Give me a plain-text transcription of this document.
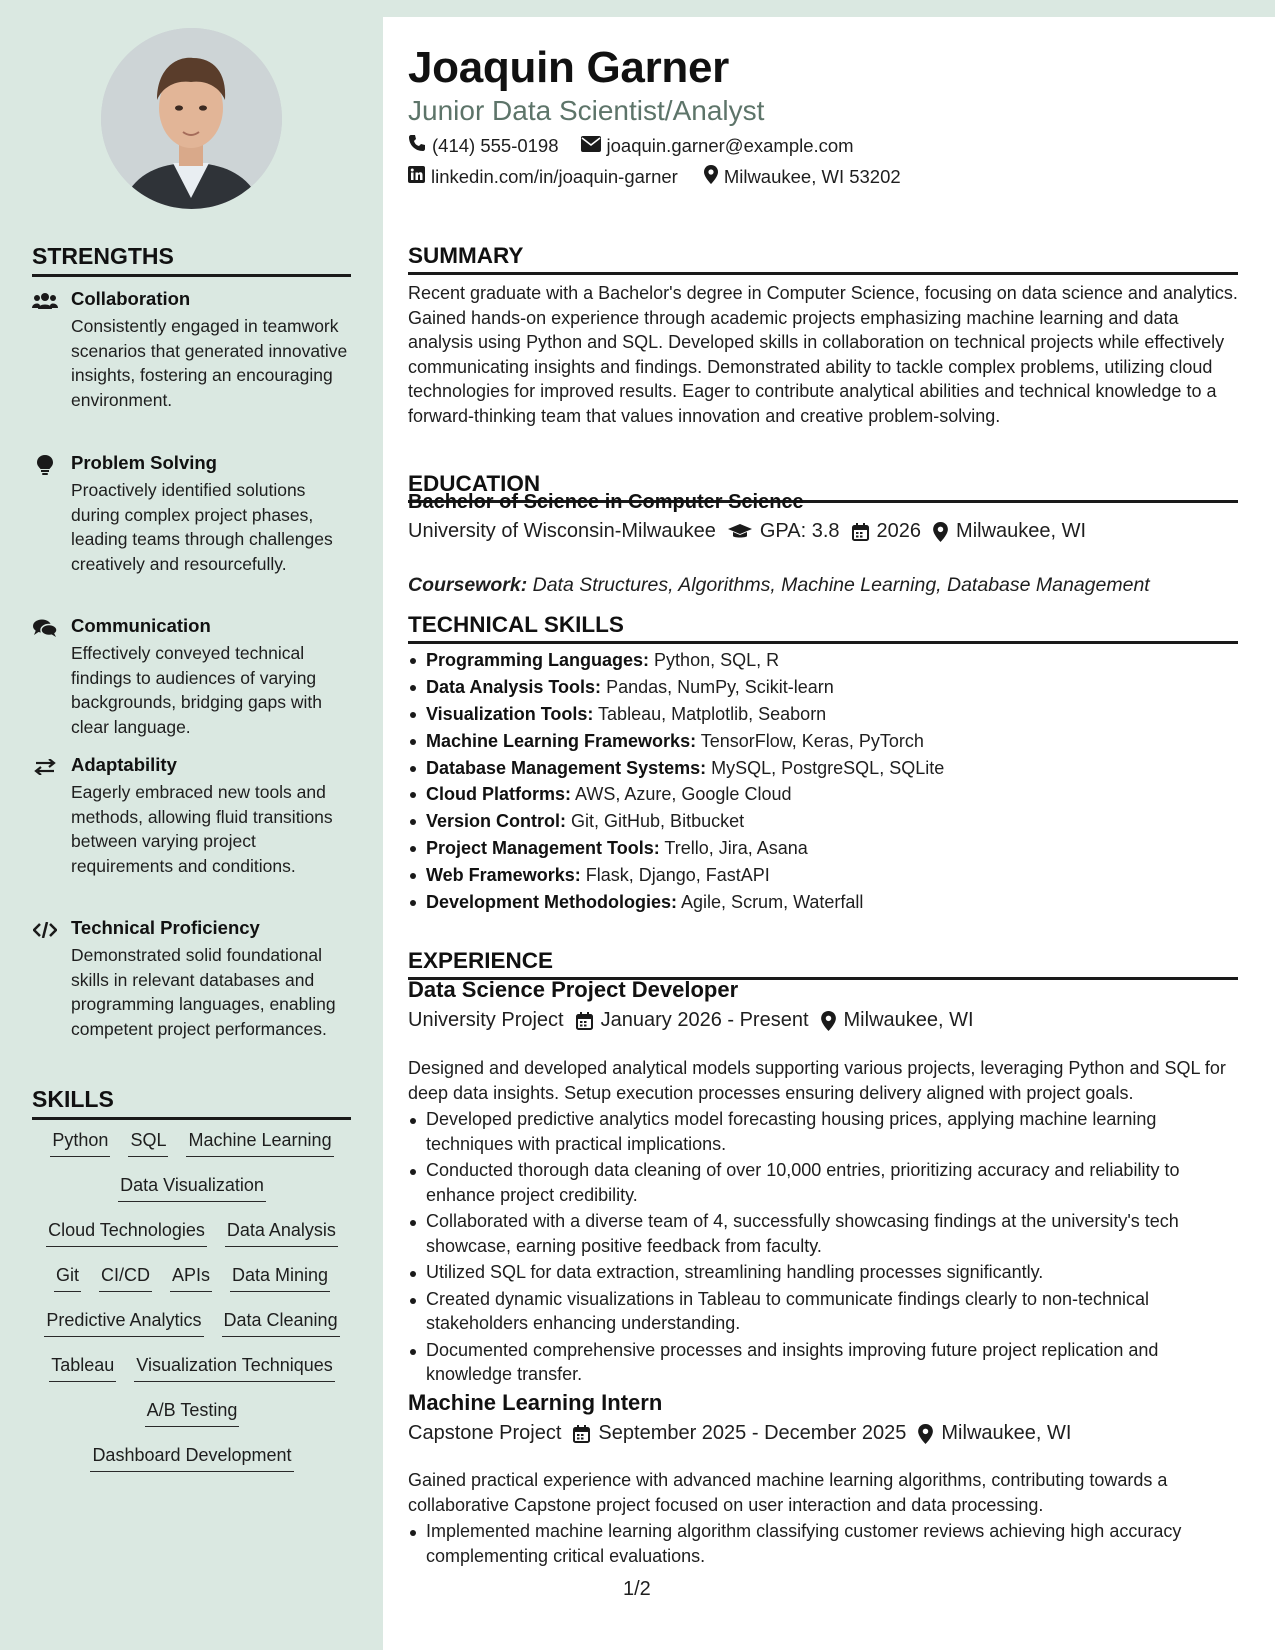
STRENGTHS
Collaboration
Consistently engaged in teamwork scenarios that generated innovative insights, fostering an encouraging environment.
Problem Solving
Proactively identified solutions during complex project phases, leading teams through challenges creatively and resourcefully.
Communication
Effectively conveyed technical findings to audiences of varying backgrounds, bridging gaps with clear language.
Adaptability
Eagerly embraced new tools and methods, allowing fluid transitions between varying project requirements and conditions.
Technical Proficiency
Demonstrated solid foundational skills in relevant databases and programming languages, enabling competent project performances.
SKILLS
Python SQL Machine Learning
Data Visualization
Cloud Technologies Data Analysis
Git CI/CD APIs Data Mining
Predictive Analytics Data Cleaning
Tableau Visualization Techniques
A/B Testing
Dashboard Development
Joaquin Garner
Junior Data Scientist/Analyst
(414) 555-0198	joaquin.garner@example.com
linkedin.com/in/joaquin-garner Milwaukee, WI 53202
SUMMARY
Recent graduate with a Bachelor's degree in Computer Science, focusing on data science and analytics. Gained hands-on experience through academic projects emphasizing machine learning and data analysis using Python and SQL. Developed skills in collaboration on technical projects while effectively communicating insights and findings. Demonstrated ability to tackle complex problems, utilizing cloud technologies for improved results. Eager to contribute analytical abilities and technical knowledge to a forward-thinking team that values innovation and creative problem-solving.
EDUCATION
Bachelor of Science in Computer Science
University of Wisconsin-Milwaukee GPA: 3.8 2026 Milwaukee, WI
Coursework: Data Structures, Algorithms, Machine Learning, Database Management
TECHNICAL SKILLS
Programming Languages: Python, SQL, R
Data Analysis Tools: Pandas, NumPy, Scikit-learn
Visualization Tools: Tableau, Matplotlib, Seaborn
Machine Learning Frameworks: TensorFlow, Keras, PyTorch
Database Management Systems: MySQL, PostgreSQL, SQLite
Cloud Platforms: AWS, Azure, Google Cloud
Version Control: Git, GitHub, Bitbucket
Project Management Tools: Trello, Jira, Asana
Web Frameworks: Flask, Django, FastAPI
Development Methodologies: Agile, Scrum, Waterfall
EXPERIENCE
Data Science Project Developer
University Project January 2026 - Present Milwaukee, WI
Designed and developed analytical models supporting various projects, leveraging Python and SQL for deep data insights. Setup execution processes ensuring delivery aligned with project goals.
Developed predictive analytics model forecasting housing prices, applying machine learning techniques with practical implications.
Conducted thorough data cleaning of over 10,000 entries, prioritizing accuracy and reliability to enhance project credibility.
Collaborated with a diverse team of 4, successfully showcasing findings at the university's tech showcase, earning positive feedback from faculty.
Utilized SQL for data extraction, streamlining handling processes significantly.
Created dynamic visualizations in Tableau to communicate findings clearly to non-technical stakeholders enhancing understanding.
Documented comprehensive processes and insights improving future project replication and knowledge transfer.
Machine Learning Intern
Capstone Project September 2025 - December 2025 Milwaukee, WI
Gained practical experience with advanced machine learning algorithms, contributing towards a collaborative Capstone project focused on user interaction and data processing.
Implemented machine learning algorithm classifying customer reviews achieving high accuracy complementing critical evaluations.
1/2
